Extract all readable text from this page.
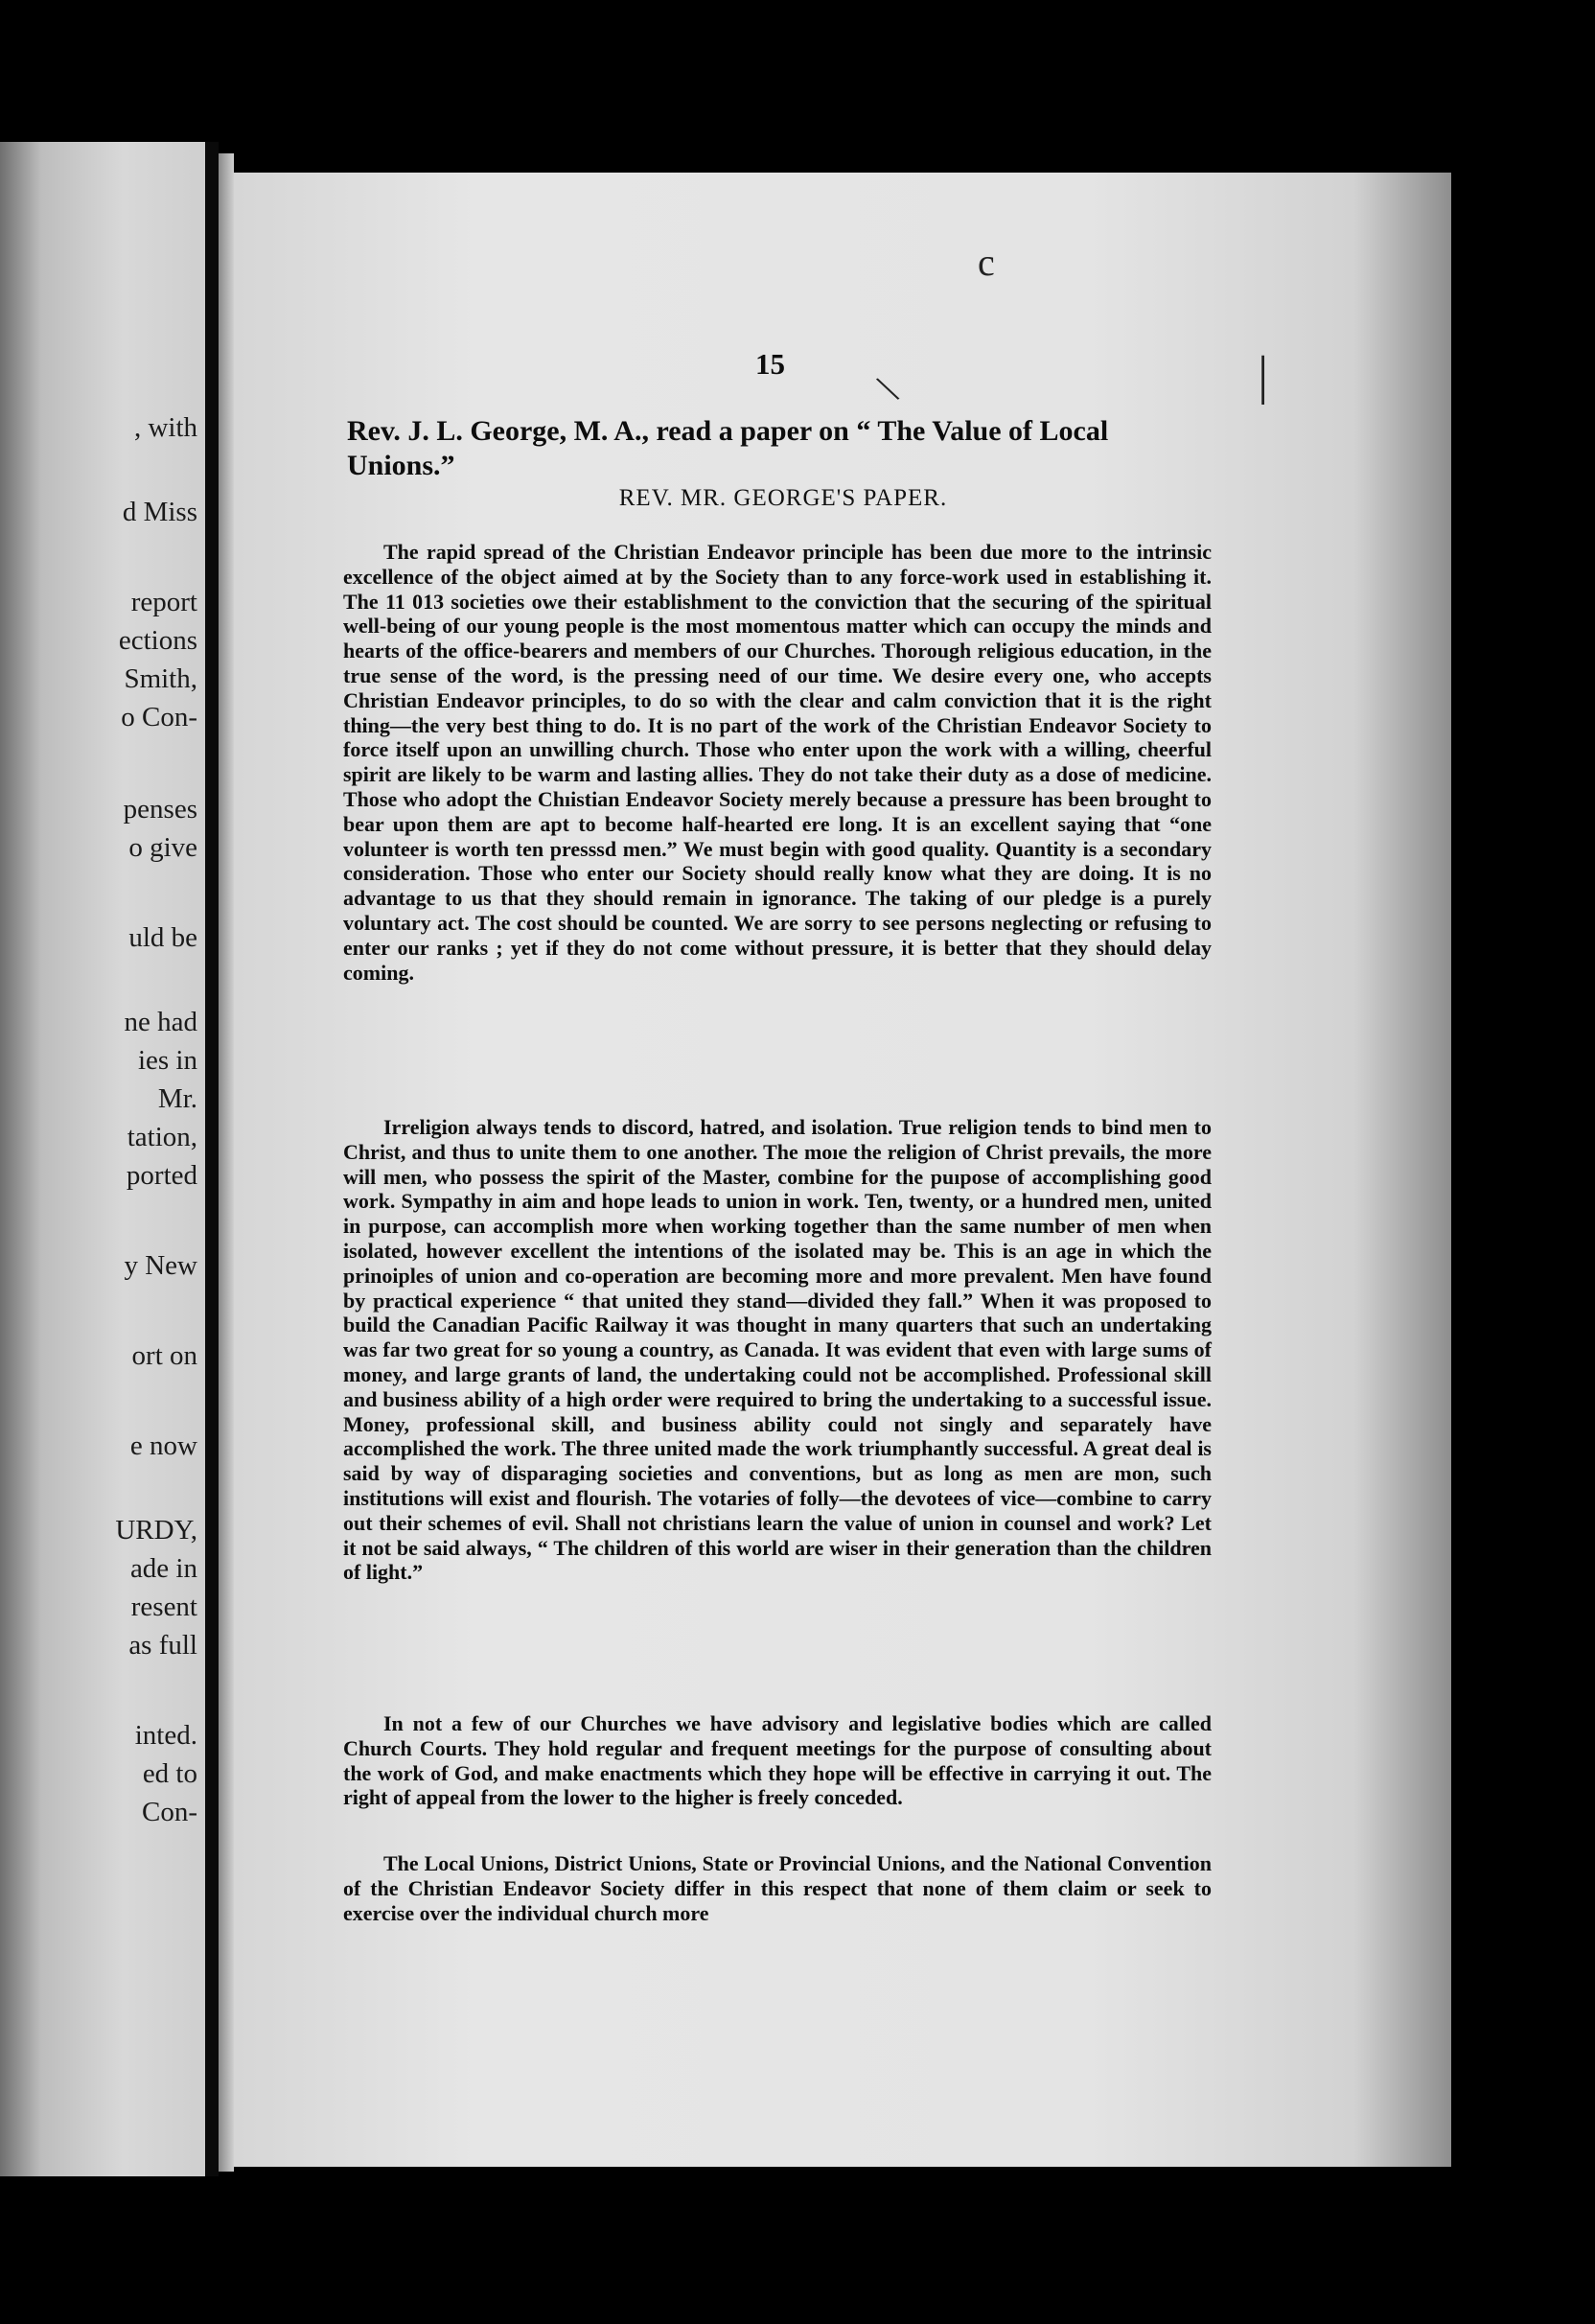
, with
d Miss
report
ections
Smith,
o Con-
penses
o give
uld be
ne had
ies in
Mr.
tation,
ported
y New
ort on
e now
URDY,
ade in
resent
as full
inted.
ed to
Con-
c
|
\
15
Rev. J. L. George, M. A., read a paper on “ The Value of Local
Unions.”
REV. MR. GEORGE'S PAPER.
The rapid spread of the Christian Endeavor principle has been due more to the intrinsic excellence of the object aimed at by the Society than to any force-work used in establishing it. The 11 013 societies owe their establishment to the conviction that the securing of the spiritual well-being of our young people is the most momentous matter which can occupy the minds and hearts of the office-bearers and members of our Churches. Thorough religious education, in the true sense of the word, is the pressing need of our time. We desire every one, who accepts Christian Endeavor principles, to do so with the clear and calm conviction that it is the right thing—the very best thing to do. It is no part of the work of the Christian Endeavor Society to force itself upon an unwilling church. Those who enter upon the work with a willing, cheerful spirit are likely to be warm and lasting allies. They do not take their duty as a dose of medicine. Those who adopt the Chıistian Endeavor Society merely because a pressure has been brought to bear upon them are apt to become half-hearted ere long. It is an excellent saying that “one volunteer is worth ten presssd men.” We must begin with good quality. Quantity is a secondary consideration. Those who enter our Society should really know what they are doing. It is no advantage to us that they should remain in ignorance. The taking of our pledge is a purely voluntary act. The cost should be counted. We are sorry to see persons neglecting or refusing to enter our ranks ; yet if they do not come without pressure, it is better that they should delay coming.
Irreligion always tends to discord, hatred, and isolation. True religion tends to bind men to Christ, and thus to unite them to one another. The moıe the religion of Christ prevails, the more will men, who possess the spirit of the Master, combine for the puıpose of accomplishing good work. Sympathy in aim and hope leads to union in work. Ten, twenty, or a hundred men, united in purpose, can accomplish more when working together than the same number of men when isolated, however excellent the intentions of the isolated may be. This is an age in which the prinoiples of union and co-operation are becoming more and more prevalent. Men have found by practical experience “ that united they stand—divided they fall.” When it was proposed to build the Canadian Pacific Railway it was thought in many quarters that such an undertaking was far two great for so young a country, as Canada. It was evident that even with large sums of money, and large grants of land, the undertaking could not be accomplished. Professional skill and business ability of a high order were required to bring the undertaking to a successful issue. Money, professional skill, and business ability could not singly and separately have accomplished the work. The three united made the work triumphantly successful. A great deal is said by way of disparaging societies and conventions, but as long as men are mon, such institutions will exist and flourish. The votaries of folly—the devotees of vice—combine to carry out their schemes of evil. Shall not christians learn the value of union in counsel and work? Let it not be said always, “ The children of this world are wiser in their generation than the children of light.”
In not a few of our Churches we have advisory and legislative bodies which are called Church Courts. They hold regular and frequent meetings for the purpose of consulting about the work of God, and make enactments which they hope will be effective in carrying it out. The right of appeal from the lower to the higher is freely conceded.
The Local Unions, District Unions, State or Provincial Unions, and the National Convention of the Christian Endeavor Society differ in this respect that none of them claim or seek to exercise over the individual church more
